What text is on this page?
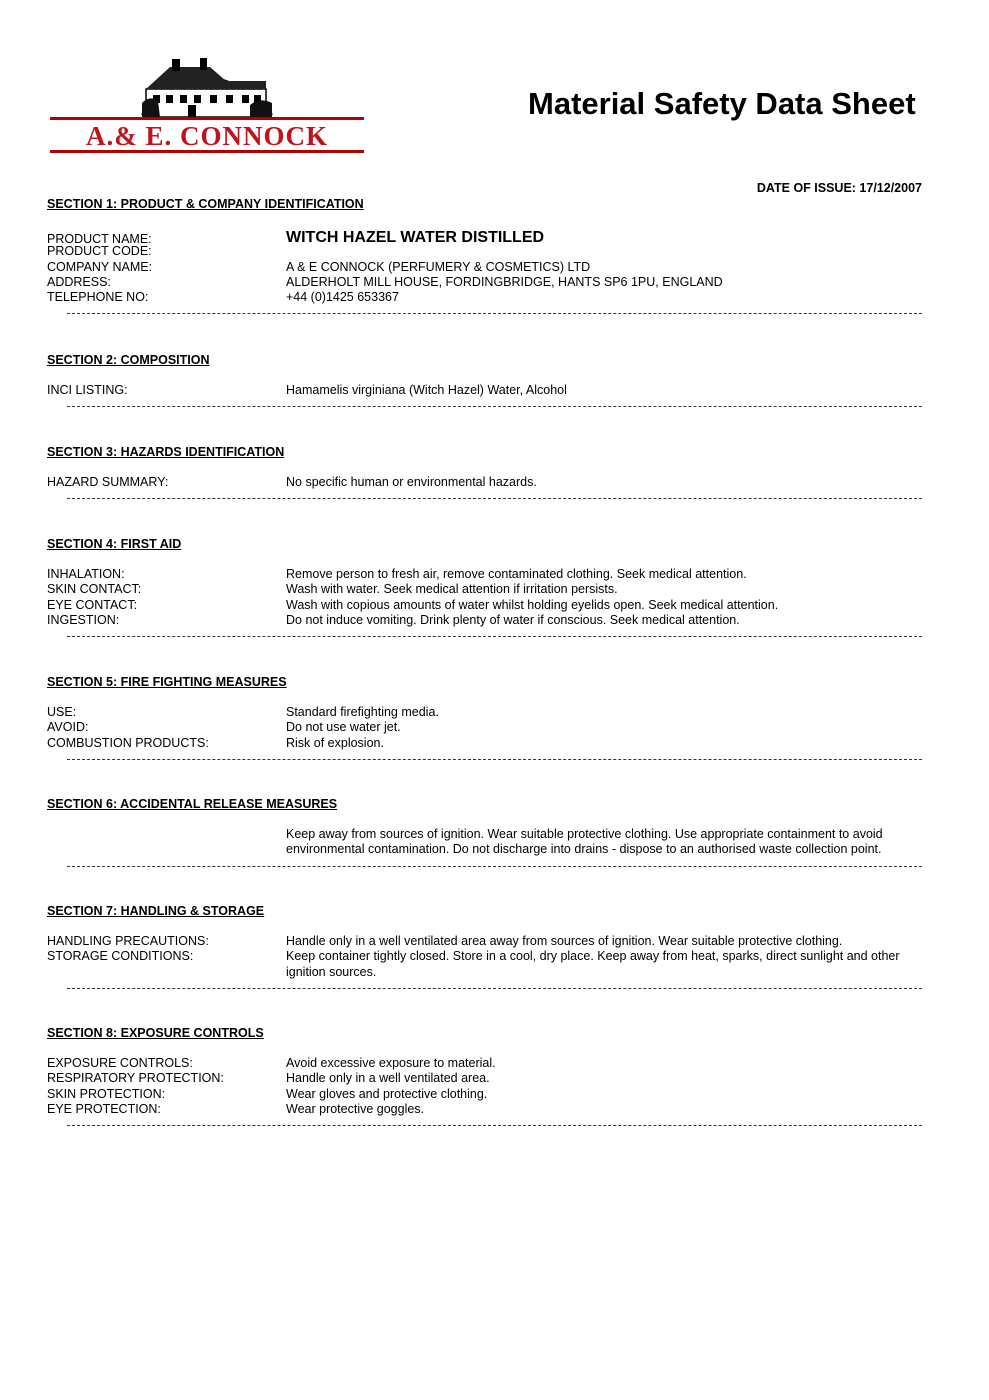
A.& E. CONNOCK
Material Safety Data Sheet
DATE OF ISSUE: 17/12/2007
SECTION 1: PRODUCT & COMPANY IDENTIFICATION
PRODUCT NAME:	WITCH HAZEL WATER DISTILLED
PRODUCT CODE:
COMPANY NAME:	A & E CONNOCK (PERFUMERY & COSMETICS) LTD
ADDRESS:	ALDERHOLT MILL HOUSE, FORDINGBRIDGE, HANTS SP6 1PU, ENGLAND
TELEPHONE NO:	+44 (0)1425 653367
SECTION 2: COMPOSITION
INCI LISTING:	Hamamelis virginiana (Witch Hazel) Water, Alcohol
SECTION 3: HAZARDS IDENTIFICATION
HAZARD SUMMARY:	No specific human or environmental hazards.
SECTION 4: FIRST AID
INHALATION:	Remove person to fresh air, remove contaminated clothing. Seek medical attention.
SKIN CONTACT:	Wash with water. Seek medical attention if irritation persists.
EYE CONTACT:	Wash with copious amounts of water whilst holding eyelids open. Seek medical attention.
INGESTION:	Do not induce vomiting. Drink plenty of water if conscious. Seek medical attention.
SECTION 5: FIRE FIGHTING MEASURES
USE:	Standard firefighting media.
AVOID:	Do not use water jet.
COMBUSTION PRODUCTS:	Risk of explosion.
SECTION 6: ACCIDENTAL RELEASE MEASURES
Keep away from sources of ignition. Wear suitable protective clothing. Use appropriate containment to avoid environmental contamination. Do not discharge into drains - dispose to an authorised waste collection point.
SECTION 7: HANDLING & STORAGE
HANDLING PRECAUTIONS:	Handle only in a well ventilated area away from sources of ignition. Wear suitable protective clothing.
STORAGE CONDITIONS:	Keep container tightly closed. Store in a cool, dry place. Keep away from heat, sparks, direct sunlight and other ignition sources.
SECTION 8: EXPOSURE CONTROLS
EXPOSURE CONTROLS:	Avoid excessive exposure to material.
RESPIRATORY PROTECTION:	Handle only in a well ventilated area.
SKIN PROTECTION:	Wear gloves and protective clothing.
EYE PROTECTION:	Wear protective goggles.
